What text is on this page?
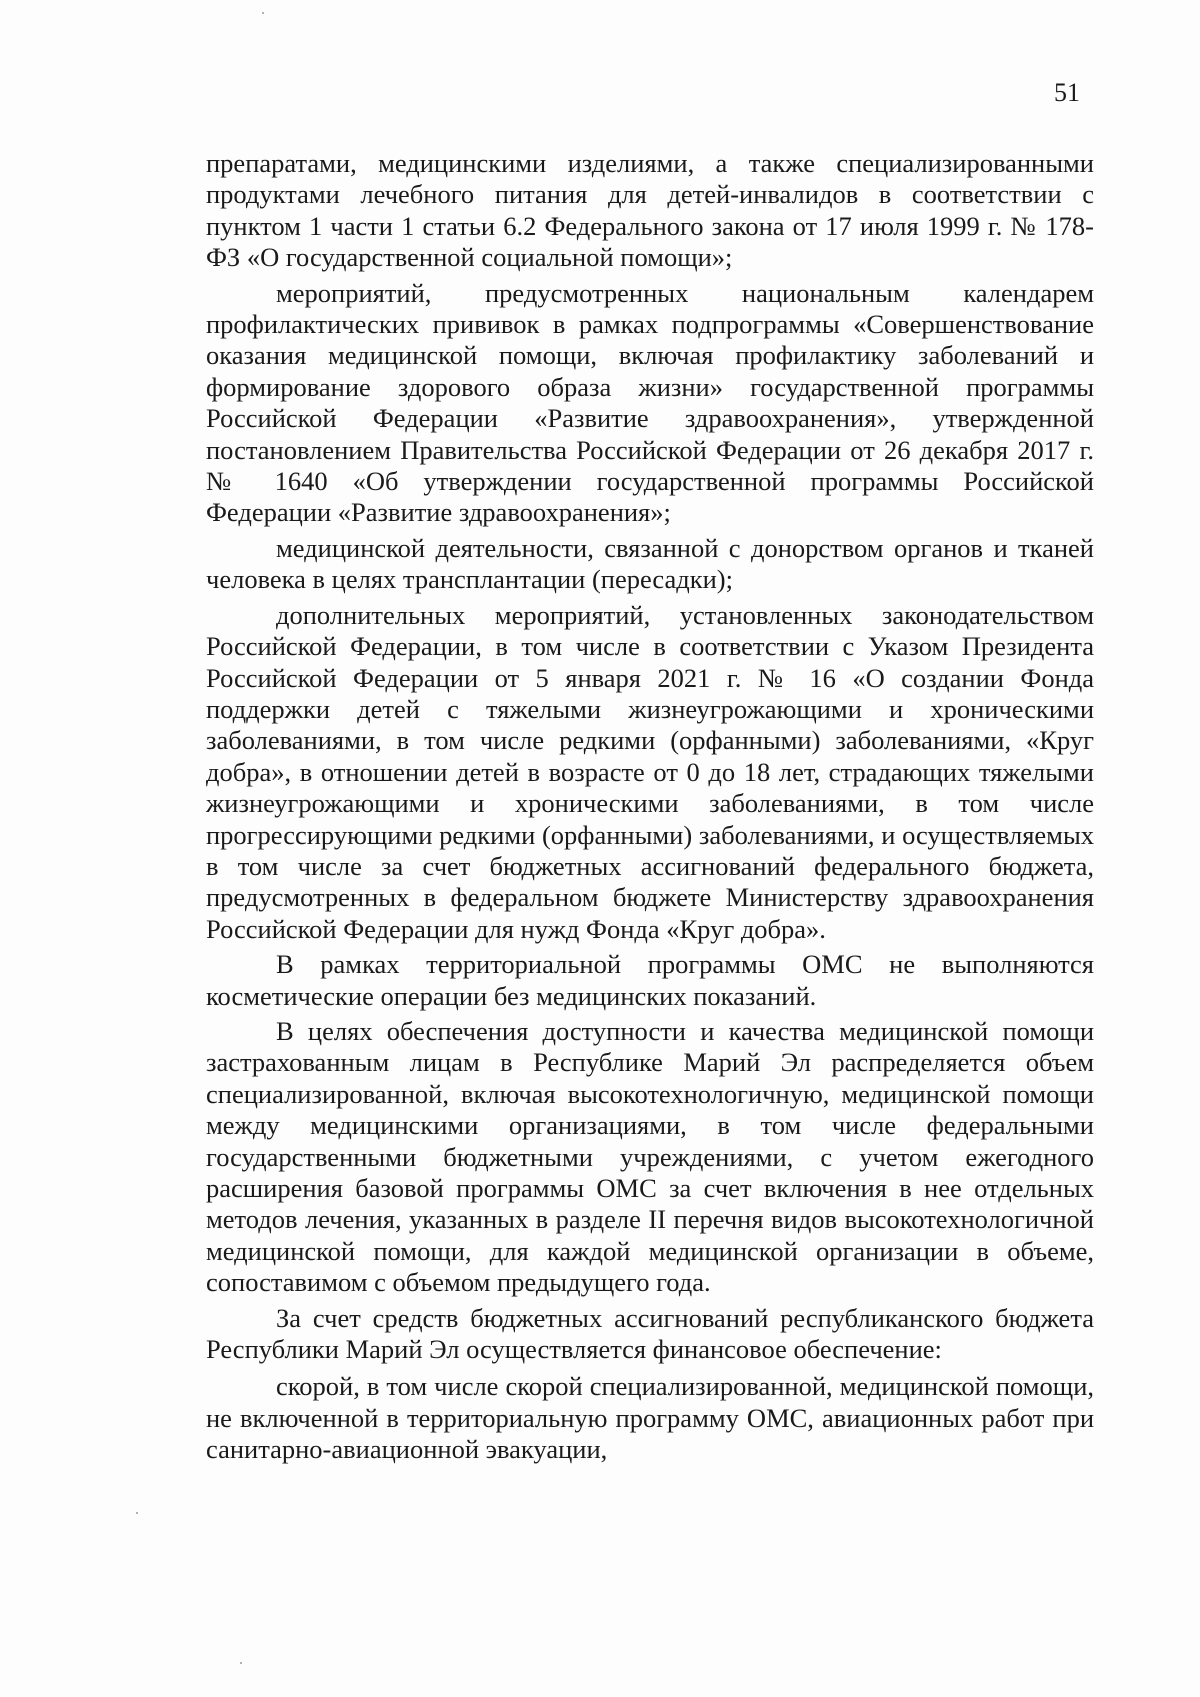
51

препаратами, медицинскими изделиями, а также специализированными продуктами лечебного питания для детей-инвалидов в соответствии с пунктом 1 части 1 статьи 6.2 Федерального закона от 17 июля 1999 г. № 178-ФЗ «О государственной социальной помощи»;

мероприятий, предусмотренных национальным календарем профилактических прививок в рамках подпрограммы «Совершенствование оказания медицинской помощи, включая профилактику заболеваний и формирование здорового образа жизни» государственной программы Российской Федерации «Развитие здравоохранения», утвержденной постановлением Правительства Российской Федерации от 26 декабря 2017 г. № 1640 «Об утверждении государственной программы Российской Федерации «Развитие здравоохранения»;

медицинской деятельности, связанной с донорством органов и тканей человека в целях трансплантации (пересадки);

дополнительных мероприятий, установленных законодательством Российской Федерации, в том числе в соответствии с Указом Президента Российской Федерации от 5 января 2021 г. № 16 «О создании Фонда поддержки детей с тяжелыми жизнеугрожающими и хроническими заболеваниями, в том числе редкими (орфанными) заболеваниями, «Круг добра», в отношении детей в возрасте от 0 до 18 лет, страдающих тяжелыми жизнеугрожающими и хроническими заболеваниями, в том числе прогрессирующими редкими (орфанными) заболеваниями, и осуществляемых в том числе за счет бюджетных ассигнований федерального бюджета, предусмотренных в федеральном бюджете Министерству здравоохранения Российской Федерации для нужд Фонда «Круг добра».

В рамках территориальной программы ОМС не выполняются косметические операции без медицинских показаний.

В целях обеспечения доступности и качества медицинской помощи застрахованным лицам в Республике Марий Эл распределяется объем специализированной, включая высокотехнологичную, медицинской помощи между медицинскими организациями, в том числе федеральными государственными бюджетными учреждениями, с учетом ежегодного расширения базовой программы ОМС за счет включения в нее отдельных методов лечения, указанных в разделе II перечня видов высокотехнологичной медицинской помощи, для каждой медицинской организации в объеме, сопоставимом с объемом предыдущего года.

За счет средств бюджетных ассигнований республиканского бюджета Республики Марий Эл осуществляется финансовое обеспечение:

скорой, в том числе скорой специализированной, медицинской помощи, не включенной в территориальную программу ОМС, авиационных работ при санитарно-авиационной эвакуации,
